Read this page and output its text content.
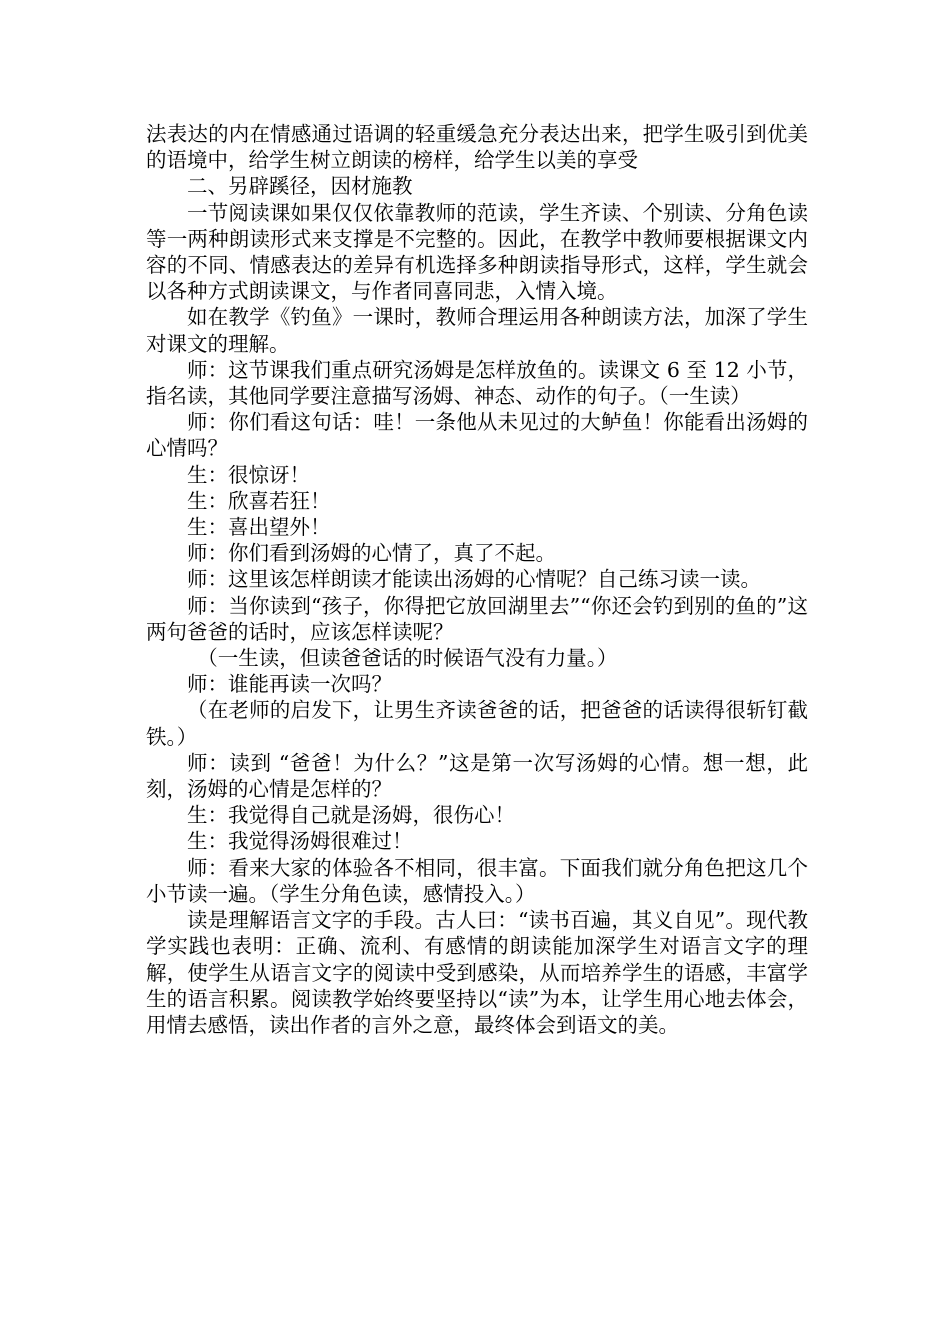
法表达的内在情感通过语调的轻重缓急充分表达出来，把学生吸引到优美的语境中，给学生树立朗读的榜样，给学生以美的享受

二、另辟蹊径，因材施教

一节阅读课如果仅仅依靠教师的范读，学生齐读、个别读、分角色读等一两种朗读形式来支撑是不完整的。因此，在教学中教师要根据课文内容的不同、情感表达的差异有机选择多种朗读指导形式，这样，学生就会以各种方式朗读课文，与作者同喜同悲，入情入境。

如在教学《钓鱼》一课时，教师合理运用各种朗读方法，加深了学生对课文的理解。

师：这节课我们重点研究汤姆是怎样放鱼的。读课文 6 至 12 小节，指名读，其他同学要注意描写汤姆、神态、动作的句子。（一生读）

师：你们看这句话：哇！一条他从未见过的大鲈鱼！你能看出汤姆的心情吗？

生：很惊讶！

生：欣喜若狂！

生：喜出望外！

师：你们看到汤姆的心情了，真了不起。

师：这里该怎样朗读才能读出汤姆的心情呢？自己练习读一读。

师：当你读到“孩子，你得把它放回湖里去”“你还会钓到别的鱼的”这两句爸爸的话时，应该怎样读呢？

（一生读，但读爸爸话的时候语气没有力量。）

师：谁能再读一次吗？

（在老师的启发下，让男生齐读爸爸的话，把爸爸的话读得很斩钉截铁。）

师：读到 “爸爸！为什么？”这是第一次写汤姆的心情。想一想，此刻，汤姆的心情是怎样的？

生：我觉得自己就是汤姆，很伤心！

生：我觉得汤姆很难过！

师：看来大家的体验各不相同，很丰富。下面我们就分角色把这几个小节读一遍。（学生分角色读，感情投入。）

读是理解语言文字的手段。古人曰：“读书百遍，其义自见”。现代教学实践也表明：正确、流利、有感情的朗读能加深学生对语言文字的理解，使学生从语言文字的阅读中受到感染，从而培养学生的语感，丰富学生的语言积累。阅读教学始终要坚持以“读”为本，让学生用心地去体会，用情去感悟，读出作者的言外之意，最终体会到语文的美。
